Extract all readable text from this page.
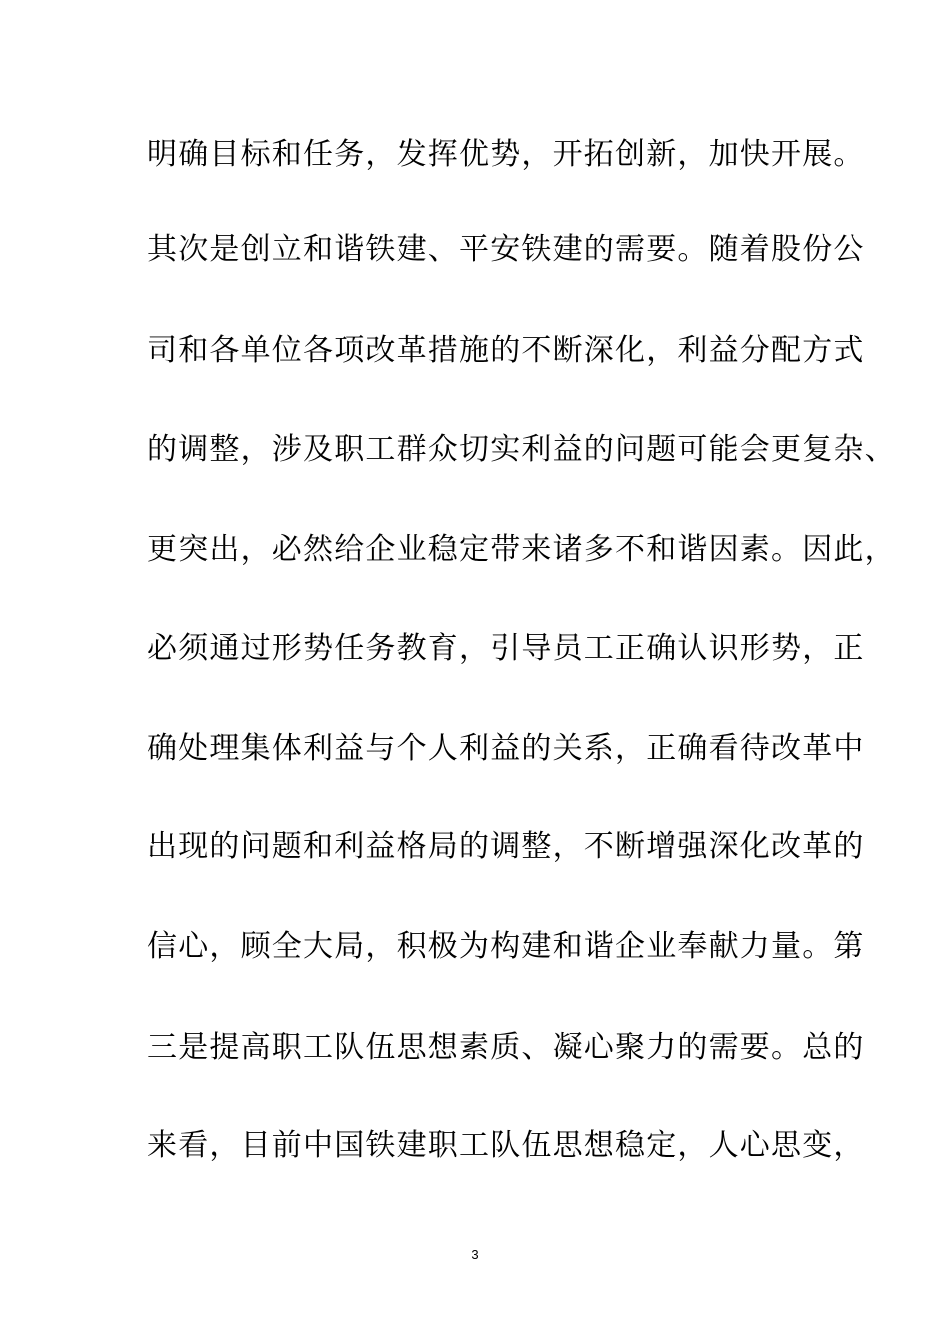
明确目标和任务，发挥优势，开拓创新，加快开展。
其次是创立和谐铁建、平安铁建的需要。随着股份公
司和各单位各项改革措施的不断深化，利益分配方式
的调整，涉及职工群众切实利益的问题可能会更复杂、
更突出，必然给企业稳定带来诸多不和谐因素。因此，
必须通过形势任务教育，引导员工正确认识形势，正
确处理集体利益与个人利益的关系，正确看待改革中
出现的问题和利益格局的调整，不断增强深化改革的
信心，顾全大局，积极为构建和谐企业奉献力量。第
三是提高职工队伍思想素质、凝心聚力的需要。总的
来看，目前中国铁建职工队伍思想稳定，人心思变，
3
